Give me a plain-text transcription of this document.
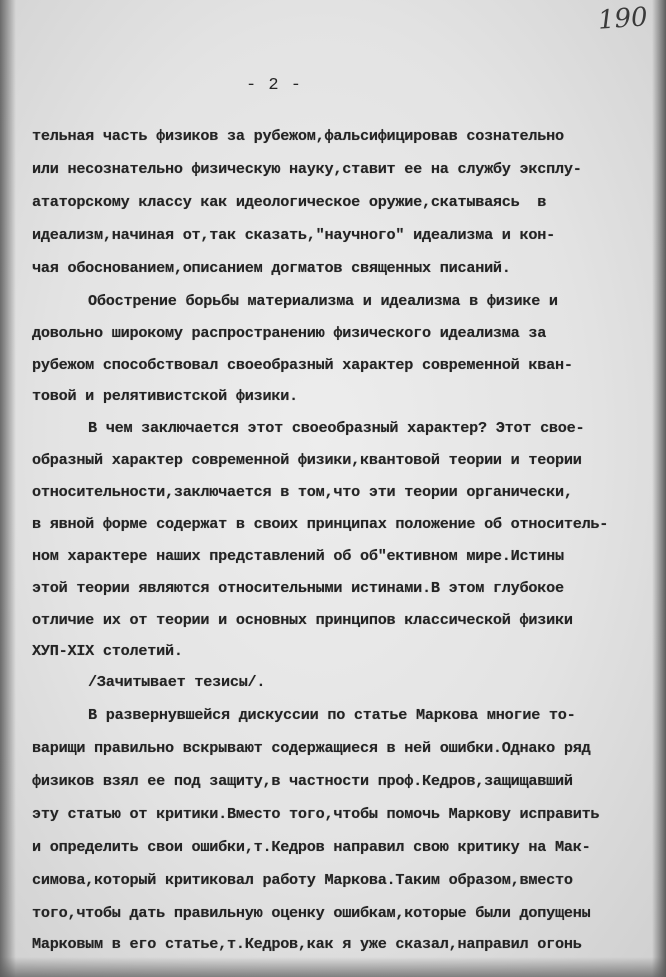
190
- 2 -
тельная часть физиков за рубежом,фальсифицировав сознательно
или несознательно физическую науку,ставит ее на службу эксплу-
ататорскому классу как идеологическое оружие,скатываясь  в
идеализм,начиная от,так сказать,"научного" идеализма и кон-
чая обоснованием,описанием догматов священных писаний.
Обострение борьбы материализма и идеализма в физике и
довольно широкому распространению физического идеализма за
рубежом способствовал своеобразный характер современной кван-
товой и релятивистской физики.
В чем заключается этот своеобразный характер? Этот свое-
образный характер современной физики,квантовой теории и теории
относительности,заключается в том,что эти теории органически,
в явной форме содержат в своих принципах положение об относитель-
ном характере наших представлений об об"ективном мире.Истины
этой теории являются относительными истинами.В этом глубокое
отличие их от теории и основных принципов классической физики
ХУП-ХIХ столетий.
/Зачитывает тезисы/.
В развернувшейся дискуссии по статье Маркова многие то-
варищи правильно вскрывают содержащиеся в ней ошибки.Однако ряд
физиков взял ее под защиту,в частности проф.Кедров,защищавший
эту статью от критики.Вместо того,чтобы помочь Маркову исправить
и определить свои ошибки,т.Кедров направил свою критику на Мак-
симова,который критиковал работу Маркова.Таким образом,вместо
того,чтобы дать правильную оценку ошибкам,которые были допущены
Марковым в его статье,т.Кедров,как я уже сказал,направил огонь
